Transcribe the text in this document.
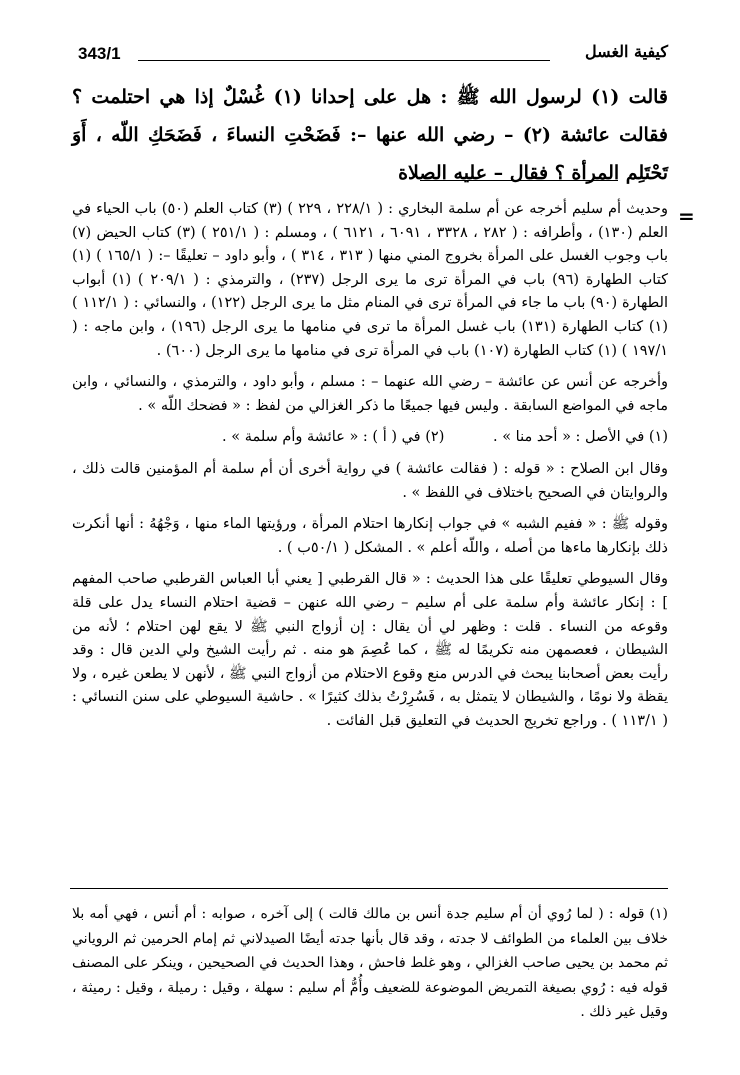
343/1	كيفية الغسل
قالت (١) لرسول الله ﷺ : هل على إحدانا (١) غُسْلٌ إذا هي احتلمت ؟ فقالت عائشة (٢) – رضي الله عنها –: فَضَحْتِ النساءَ ، فَضَحَكِ اللّه ، أَوَ تَحْتَلِم المرأة ؟ فقال – عليه الصلاة
=

وحديث أم سليم أخرجه عن أم سلمة البخاري : ( ٢٢٨/١ ، ٢٢٩ ) (٣) كتاب العلم (٥٠) باب الحياء في العلم (١٣٠) ، وأطرافه : ( ٢٨٢ ، ٣٣٢٨ ، ٦٠٩١ ، ٦١٢١ ) ، ومسلم : ( ٢٥١/١ ) (٣) كتاب الحيض (٧) باب وجوب الغسل على المرأة بخروج المني منها ( ٣١٣ ، ٣١٤ ) ، وأبو داود – تعليقًا –: ( ١٦٥/١ ) (١) كتاب الطهارة (٩٦) باب في المرأة ترى ما يرى الرجل (٢٣٧) ، والترمذي : ( ٢٠٩/١ ) (١) أبواب الطهارة (٩٠) باب ما جاء في المرأة ترى في المنام مثل ما يرى الرجل (١٢٢) ، والنسائي : ( ١١٢/١ ) (١) كتاب الطهارة (١٣١) باب غسل المرأة ما ترى في منامها ما يرى الرجل (١٩٦) ، وابن ماجه : ( ١٩٧/١ ) (١) كتاب الطهارة (١٠٧) باب في المرأة ترى في منامها ما يرى الرجل (٦٠٠) .

وأخرجه عن أنس عن عائشة – رضي الله عنهما – : مسلم ، وأبو داود ، والترمذي ، والنسائي ، وابن ماجه في المواضع السابقة . وليس فيها جميعًا ما ذكر الغزالي من لفظ : « فضحك اللّه » .

(١) في الأصل : « أحد منا » .
(٢) في ( أ ) : « عائشة وأم سلمة » .

وقال ابن الصلاح : « قوله : ( فقالت عائشة ) في رواية أخرى أن أم سلمة أم المؤمنين قالت ذلك ، والروايتان في الصحيح باختلاف في اللفظ » .

وقوله ﷺ : « ففيم الشبه » في جواب إنكارها احتلام المرأة ، ورؤيتها الماء منها ، وَجْهُهُ : أنها أنكرت ذلك بإنكارها ماءها من أصله ، واللّه أعلم » . المشكل ( ٥٠/١ب ) .

وقال السيوطي تعليقًا على هذا الحديث : « قال القرطبي [ يعني أبا العباس القرطبي صاحب المفهم ] : إنكار عائشة وأم سلمة على أم سليم – رضي الله عنهن – قضية احتلام النساء يدل على قلة وقوعه من النساء . قلت : وظهر لي أن يقال : إن أزواج النبي ﷺ لا يقع لهن احتلام ؛ لأنه من الشيطان ، فعصمهن منه تكريمًا له ﷺ ، كما عُصِمَ هو منه . ثم رأيت الشيخ ولي الدين قال : وقد رأيت بعض أصحابنا يبحث في الدرس منع وقوع الاحتلام من أزواج النبي ﷺ ، لأنهن لا يطعن غيره ، ولا يقظة ولا نومًا ، والشيطان لا يتمثل به ، فَسُرِرْتُ بذلك كثيرًا » . حاشية السيوطي على سنن النسائي : ( ١١٣/١ ) . وراجع تخريج الحديث في التعليق قبل الفائت .

(١) قوله : ( لما رُوي أن أم سليم جدة أنس بن مالك قالت ) إلى آخره ، صوابه : أم أنس ، فهي أمه بلا خلاف بين العلماء من الطوائف لا جدته ، وقد قال بأنها جدته أيضًا الصيدلاني ثم إمام الحرمين ثم الروياني ثم محمد بن يحيى صاحب الغزالي ، وهو غلط فاحش ، وهذا الحديث في الصحيحين ، وينكر على المصنف قوله فيه : رُوي بصيغة التمريض الموضوعة للضعيف وأُمُّ أم سليم : سهلة ، وقيل : رميلة ، وقيل : رميثة ، وقيل غير ذلك .
